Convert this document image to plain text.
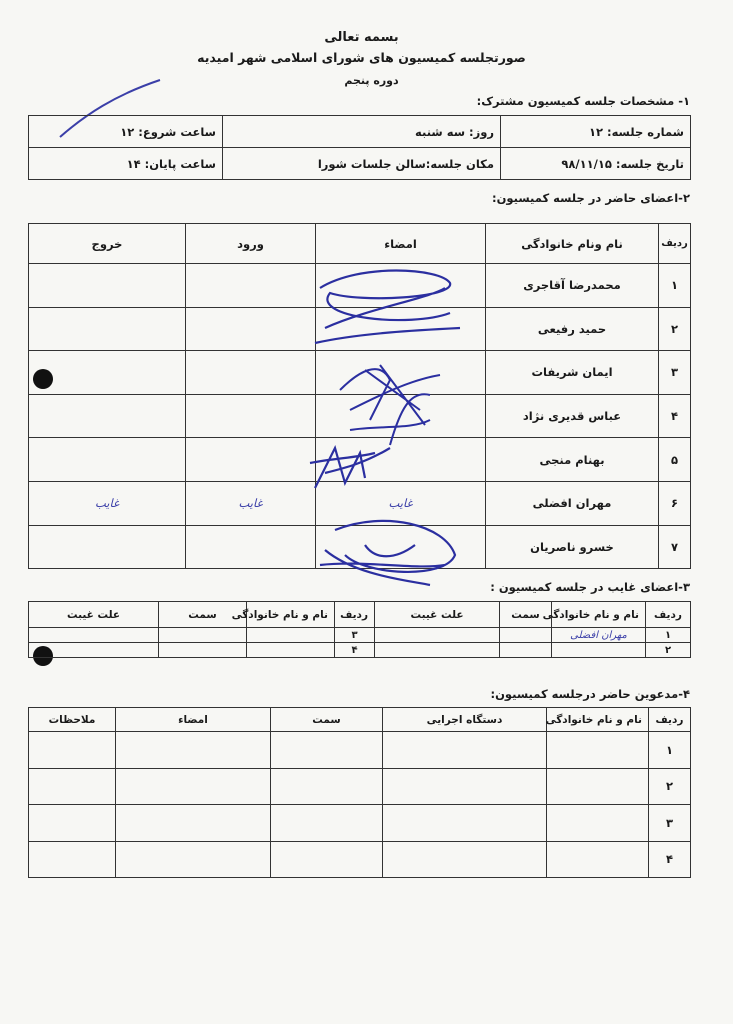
بسمه تعالی
صورتجلسه کمیسیون های شورای اسلامی شهر امیدیه
دوره پنجم
۱- مشخصات جلسه کمیسیون مشترک:
شماره جلسه: ۱۲	روز: سه شنبه	ساعت شروع: ۱۲
تاریخ جلسه: ۹۸/۱۱/۱۵	مکان جلسه:سالن جلسات شورا	ساعت پایان: ۱۴
۲-اعضای حاضر در جلسه کمیسیون:
ردیف	نام ونام خانوادگی	امضاء	ورود	خروج
۱	محمدرضا آقاجری			
۲	حمید رفیعی			
۳	ایمان شریفات			
۴	عباس قدیری نژاد			
۵	بهنام منجی			
۶	مهران افضلی	غایب	غایب	غایب
۷	خسرو ناصریان			
۳-اعضای غایب در جلسه کمیسیون :
ردیف	نام و نام خانوادگی	سمت	علت غیبت	ردیف	نام و نام خانوادگی	سمت	علت غیبت
۱	مهران افضلی			۳			
۲				۴			
۴-مدعوین حاضر درجلسه کمیسیون:
ردیف	نام و نام خانوادگی	دستگاه اجرایی	سمت	امضاء	ملاحظات
۱					
۲					
۳					
۴					
